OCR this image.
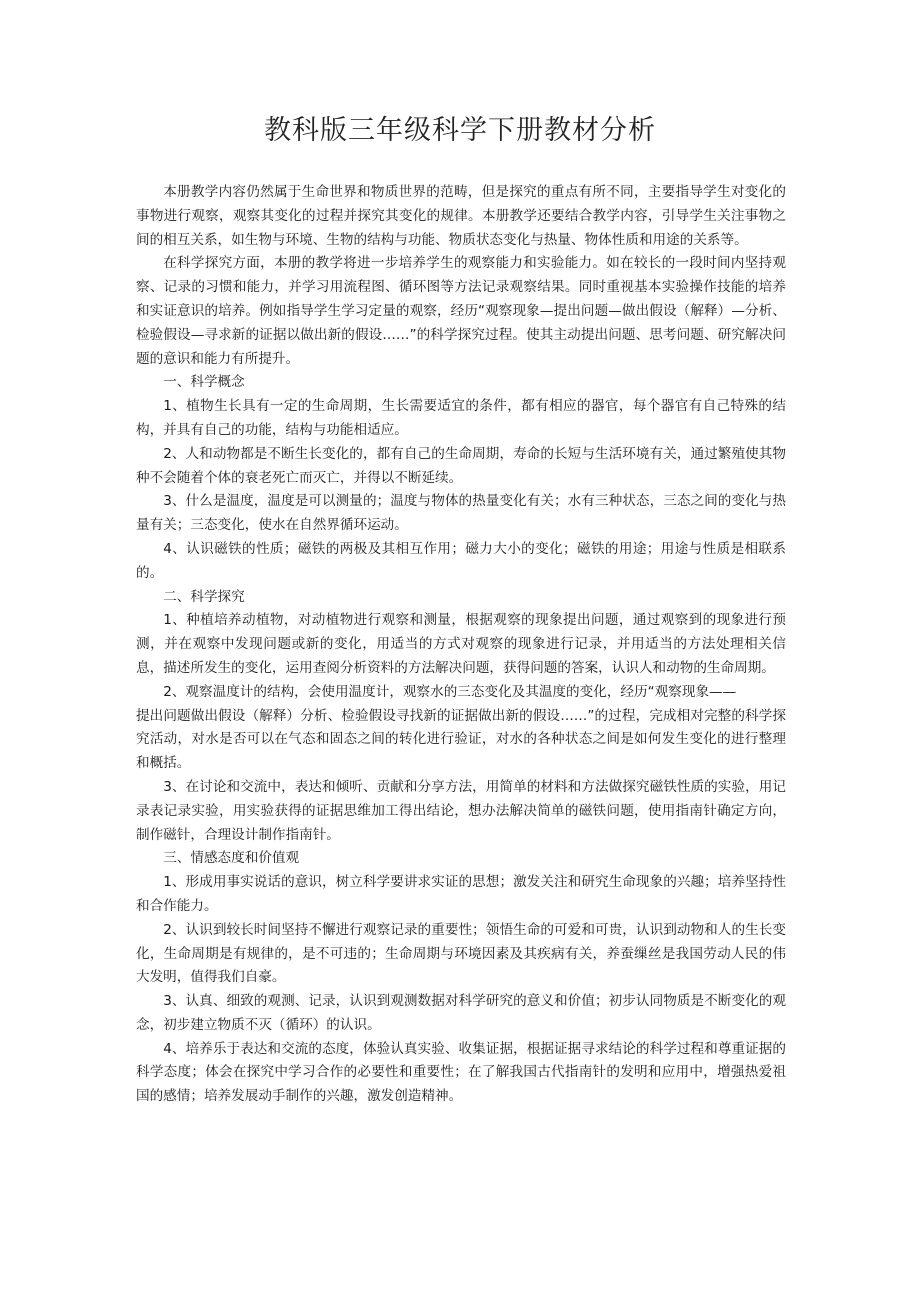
教科版三年级科学下册教材分析

本册教学内容仍然属于生命世界和物质世界的范畴，但是探究的重点有所不同，主要指导学生对变化的事物进行观察，观察其变化的过程并探究其变化的规律。本册教学还要结合教学内容，引导学生关注事物之间的相互关系，如生物与环境、生物的结构与功能、物质状态变化与热量、物体性质和用途的关系等。

在科学探究方面，本册的教学将进一步培养学生的观察能力和实验能力。如在较长的一段时间内坚持观察、记录的习惯和能力，并学习用流程图、循环图等方法记录观察结果。同时重视基本实验操作技能的培养和实证意识的培养。例如指导学生学习定量的观察，经历“观察现象—提出问题—做出假设（解释）—分析、检验假设—寻求新的证据以做出新的假设……”的科学探究过程。使其主动提出问题、思考问题、研究解决问题的意识和能力有所提升。

一、科学概念

1、植物生长具有一定的生命周期，生长需要适宜的条件，都有相应的器官，每个器官有自己特殊的结构，并具有自己的功能，结构与功能相适应。

2、人和动物都是不断生长变化的，都有自己的生命周期，寿命的长短与生活环境有关，通过繁殖使其物种不会随着个体的衰老死亡而灭亡，并得以不断延续。

3、什么是温度，温度是可以测量的；温度与物体的热量变化有关；水有三种状态，三态之间的变化与热量有关；三态变化，使水在自然界循环运动。

4、认识磁铁的性质；磁铁的两极及其相互作用；磁力大小的变化；磁铁的用途；用途与性质是相联系的。

二、科学探究

1、种植培养动植物，对动植物进行观察和测量，根据观察的现象提出问题，通过观察到的现象进行预测，并在观察中发现问题或新的变化，用适当的方式对观察的现象进行记录，并用适当的方法处理相关信息，描述所发生的变化，运用查阅分析资料的方法解决问题，获得问题的答案，认识人和动物的生命周期。

2、观察温度计的结构，会使用温度计，观察水的三态变化及其温度的变化，经历“观察现象——

提出问题做出假设（解释）分析、检验假设寻找新的证据做出新的假设……”的过程，完成相对完整的科学探究活动，对水是否可以在气态和固态之间的转化进行验证，对水的各种状态之间是如何发生变化的进行整理和概括。

3、在讨论和交流中，表达和倾听、贡献和分享方法，用简单的材料和方法做探究磁铁性质的实验，用记录表记录实验，用实验获得的证据思维加工得出结论，想办法解决简单的磁铁问题，使用指南针确定方向，制作磁针，合理设计制作指南针。

三、情感态度和价值观

1、形成用事实说话的意识，树立科学要讲求实证的思想；激发关注和研究生命现象的兴趣；培养坚持性和合作能力。

2、认识到较长时间坚持不懈进行观察记录的重要性；领悟生命的可爱和可贵，认识到动物和人的生长变化，生命周期是有规律的，是不可违的；生命周期与环境因素及其疾病有关，养蚕缫丝是我国劳动人民的伟大发明，值得我们自豪。

3、认真、细致的观测、记录，认识到观测数据对科学研究的意义和价值；初步认同物质是不断变化的观念，初步建立物质不灭（循环）的认识。

4、培养乐于表达和交流的态度，体验认真实验、收集证据，根据证据寻求结论的科学过程和尊重证据的科学态度；体会在探究中学习合作的必要性和重要性；在了解我国古代指南针的发明和应用中，增强热爱祖国的感情；培养发展动手制作的兴趣，激发创造精神。
